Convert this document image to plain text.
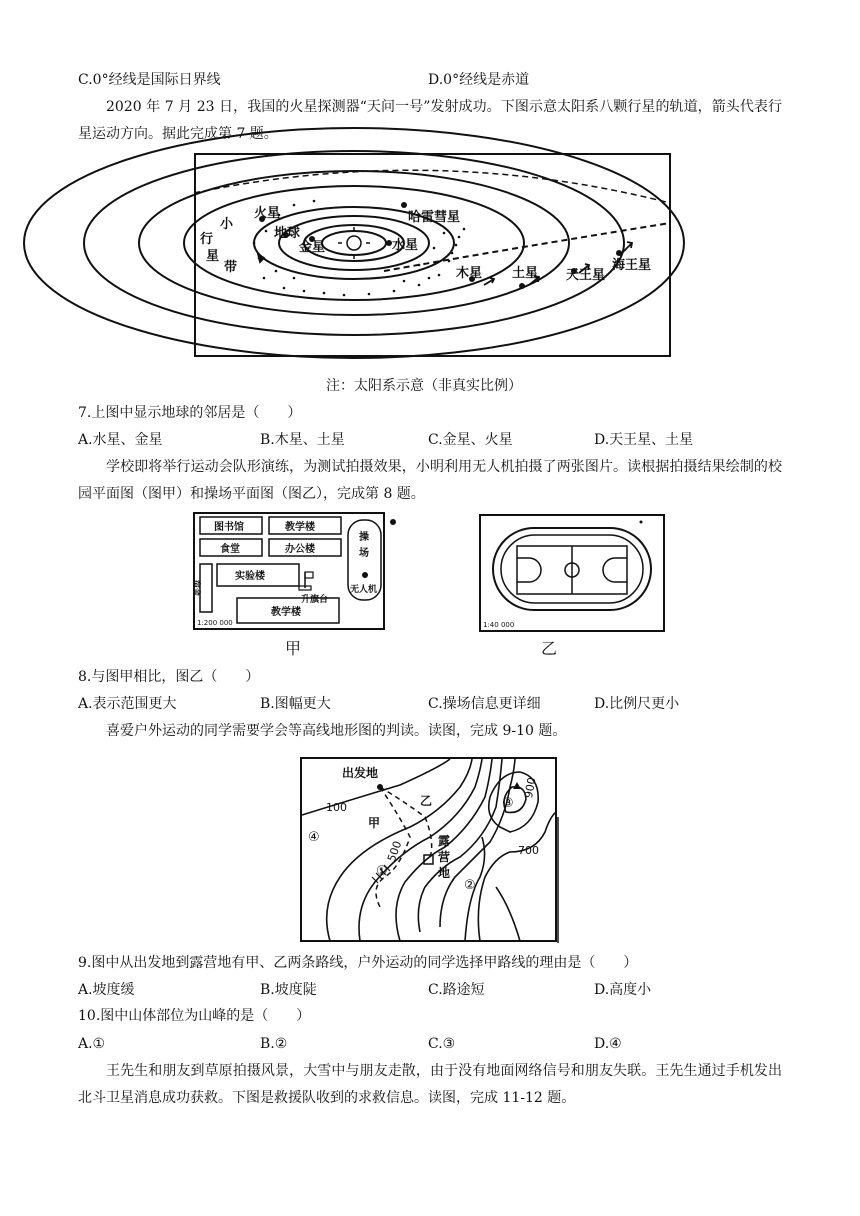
C.0°经线是国际日界线	D.0°经线是赤道
2020 年 7 月 23 日，我国的火星探测器“天问一号”发射成功。下图示意太阳系八颗行星的轨道，箭头代表行星运动方向。据此完成第 7 题。
小
行
星
带
火星
地球
金星	水星
哈雷彗星
木星 土星 天王星
海王星
注：太阳系示意（非真实比例）
7.上图中显示地球的邻居是（　　）
A.水星、金星	B.木星、土星	C.金星、火星	D.天王星、土星
学校即将举行运动会队形演练，为测试拍摄效果，小明利用无人机拍摄了两张图片。读根据拍摄结果绘制的校园平面图（图甲）和操场平面图（图乙），完成第 8 题。
图书馆	教学楼
食堂	办公楼
实验楼
升旗台
教学楼
操
场
无人机
宿舍
1:200 000
甲
1:40 000
乙
8.与图甲相比，图乙（　　）
A.表示范围更大	B.图幅更大	C.操场信息更详细	D.比例尺更小
喜爱户外运动的同学需要学会等高线地形图的判读。读图，完成 9-10 题。
出发地
露
营
地
甲
乙
100
500	700
900
①
②
③
④
9.图中从出发地到露营地有甲、乙两条路线，户外运动的同学选择甲路线的理由是（　　）
A.坡度缓	B.坡度陡	C.路途短	D.高度小
10.图中山体部位为山峰的是（　　）
A.①	B.②	C.③	D.④
王先生和朋友到草原拍摄风景，大雪中与朋友走散，由于没有地面网络信号和朋友失联。王先生通过手机发出北斗卫星消息成功获救。下图是救援队收到的求救信息。读图，完成 11-12 题。
